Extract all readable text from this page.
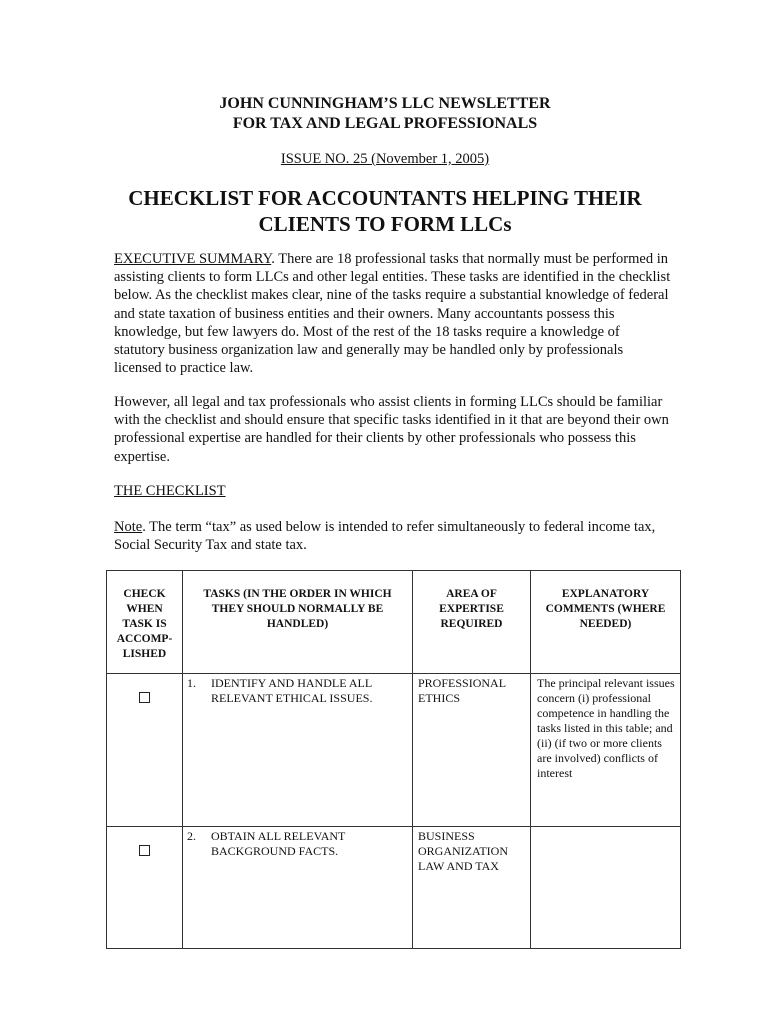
JOHN CUNNINGHAM’S LLC NEWSLETTER
FOR TAX AND LEGAL PROFESSIONALS
ISSUE NO. 25 (November 1, 2005)
CHECKLIST FOR ACCOUNTANTS HELPING THEIR
CLIENTS TO FORM LLCs
EXECUTIVE SUMMARY. There are 18 professional tasks that normally must be performed in assisting clients to form LLCs and other legal entities. These tasks are identified in the checklist below. As the checklist makes clear, nine of the tasks require a substantial knowledge of federal and state taxation of business entities and their owners. Many accountants possess this knowledge, but few lawyers do. Most of the rest of the 18 tasks require a knowledge of statutory business organization law and generally may be handled only by professionals licensed to practice law.
However, all legal and tax professionals who assist clients in forming LLCs should be familiar with the checklist and should ensure that specific tasks identified in it that are beyond their own professional expertise are handled for their clients by other professionals who possess this expertise.
THE CHECKLIST
Note. The term “tax” as used below is intended to refer simultaneously to federal income tax, Social Security Tax and state tax.
CHECK WHEN TASK IS ACCOMP-LISHED	TASKS (IN THE ORDER IN WHICH THEY SHOULD NORMALLY BE HANDLED)	AREA OF EXPERTISE REQUIRED	EXPLANATORY COMMENTS (WHERE NEEDED)

	1. IDENTIFY AND HANDLE ALL RELEVANT ETHICAL ISSUES.	PROFESSIONAL ETHICS	The principal relevant issues concern (i) professional competence in handling the tasks listed in this table; and (ii) (if two or more clients are involved) conflicts of interest

	2. OBTAIN ALL RELEVANT BACKGROUND FACTS.	BUSINESS ORGANIZATION LAW AND TAX	
